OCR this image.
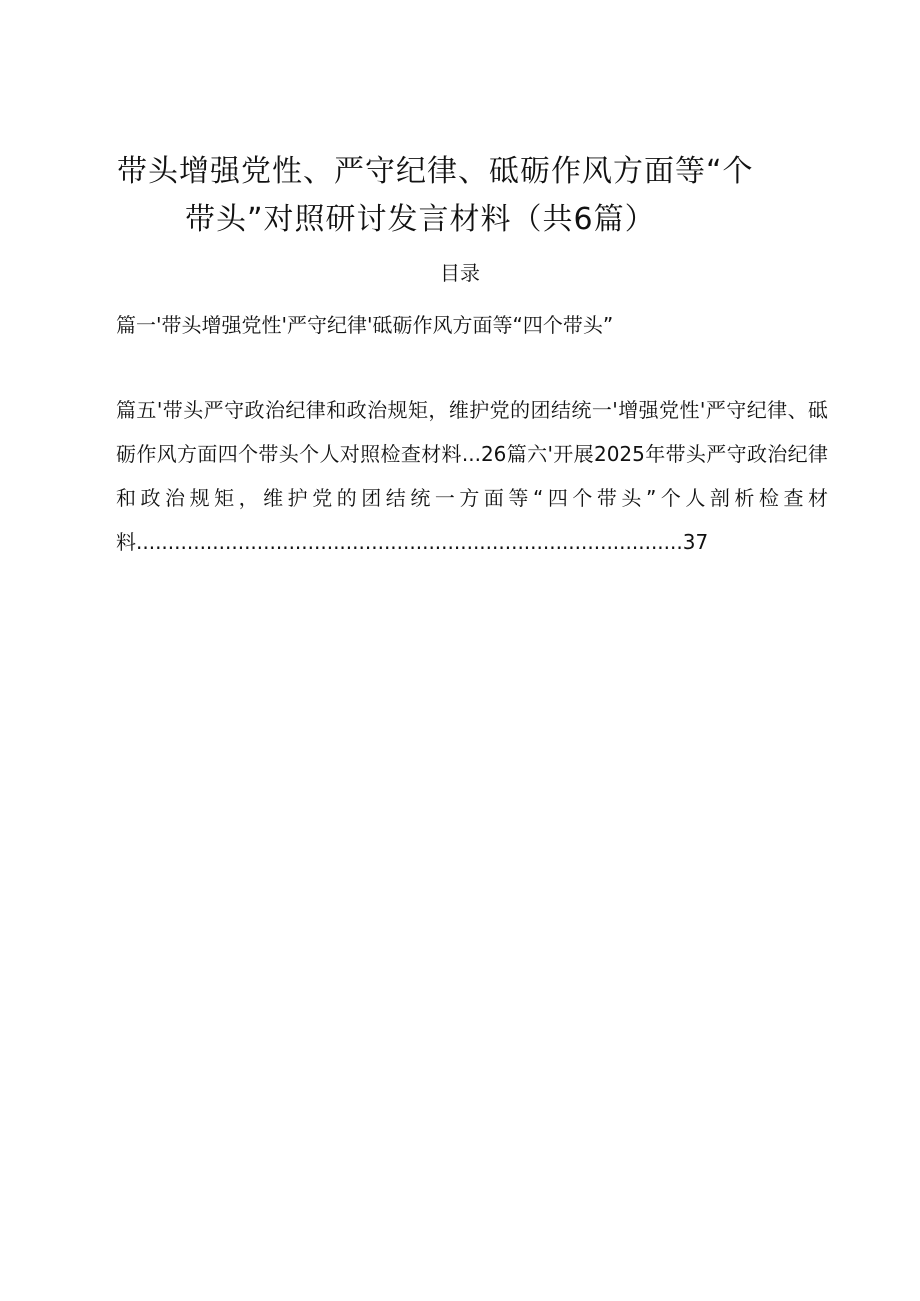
带头增强党性、严守纪律、砥砺作风方面等“个
带头”对照研讨发言材料（共6篇）
目录
篇一'带头增强党性'严守纪律'砥砺作风方面等“四个带头”
篇五'带头严守政治纪律和政治规矩，维护党的团结统一'增强党性'严守纪律、砥砺作风方面四个带头个人对照检查材料...26篇六'开展2025年带头严守政治纪律和政治规矩，维护党的团结统一方面等“四个带头”个人剖析检查材料......................................................................................37
